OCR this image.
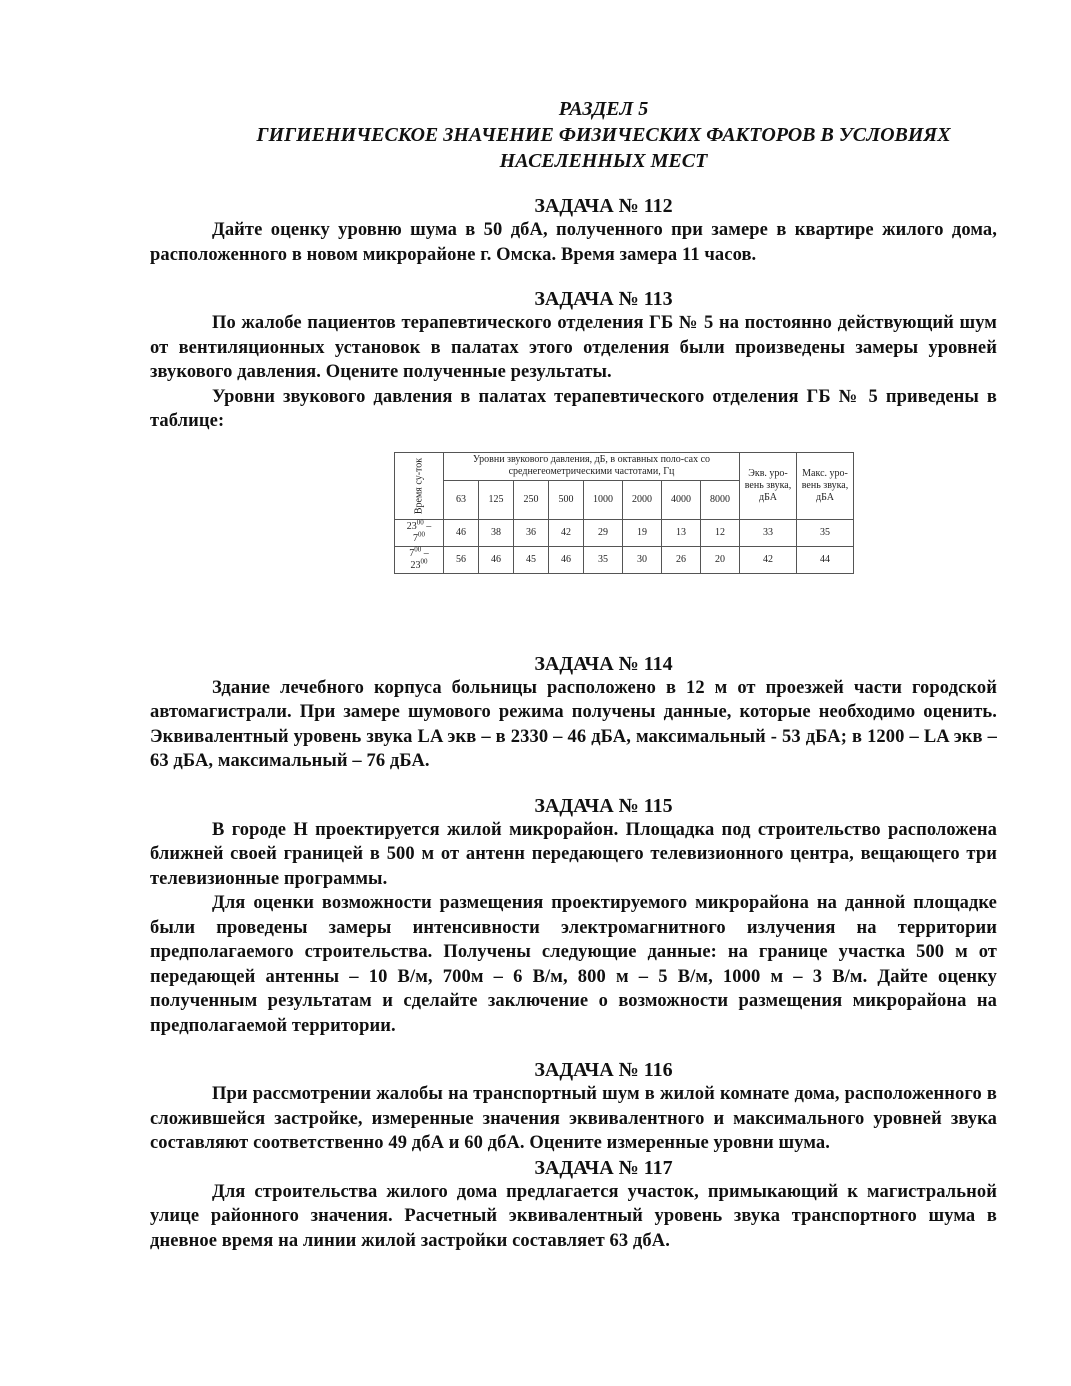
РАЗДЕЛ 5
ГИГИЕНИЧЕСКОЕ ЗНАЧЕНИЕ ФИЗИЧЕСКИХ ФАКТОРОВ В УСЛОВИЯХ
НАСЕЛЕННЫХ МЕСТ
ЗАДАЧА № 112

Дайте оценку уровню шума в 50 дбА, полученного при замере в квартире жилого дома, расположенного в новом микрорайоне г. Омска. Время замера 11 часов.

ЗАДАЧА № 113

По жалобе пациентов терапевтического отделения ГБ № 5 на постоянно действующий шум от вентиляционных установок в палатах этого отделения были произведены замеры уровней звукового давления. Оцените полученные результаты.

Уровни звукового давления в палатах терапевтического отделения ГБ № 5 приведены в таблице:

Время су-ток	Уровни звукового давления, дБ, в октавных поло-сах со среднегеометрическими частотами, Гц								Экв. уро-вень звука, дБА	Макс. уро-вень звука, дБА
	63	125	250	500	1000	2000	4000	8000		
$23^{00}$ –
$7^{00}$	46	38	36	42	29	19	13	12	33	35
$7^{00}$ –
$23^{00}$	56	46	45	46	35	30	26	20	42	44
ЗАДАЧА № 114

Здание лечебного корпуса больницы расположено в 12 м от проезжей части городской автомагистрали. При замере шумового режима получены данные, которые необходимо оценить. Эквивалентный уровень звука LA экв – в 2330 – 46 дБА, максимальный - 53 дБА; в 1200 – LA экв – 63 дБА, максимальный – 76 дБА.

ЗАДАЧА № 115

В городе Н проектируется жилой микрорайон. Площадка под строительство расположена ближней своей границей в 500 м от антенн передающего телевизионного центра, вещающего три телевизионные программы.

Для оценки возможности размещения проектируемого микрорайона на данной площадке были проведены замеры интенсивности электромагнитного излучения на территории предполагаемого строительства. Получены следующие данные: на границе участка 500 м от передающей антенны – 10 В/м, 700м – 6 В/м, 800 м – 5 В/м, 1000 м – 3 В/м. Дайте оценку полученным результатам и сделайте заключение о возможности размещения микрорайона на предполагаемой территории.

ЗАДАЧА № 116

При рассмотрении жалобы на транспортный шум в жилой комнате дома, расположенного в сложившейся застройке, измеренные значения эквивалентного и максимального уровней звука составляют соответственно 49 дбА и 60 дбА. Оцените измеренные уровни шума.

ЗАДАЧА № 117

Для строительства жилого дома предлагается участок, примыкающий к магистральной улице районного значения. Расчетный эквивалентный уровень звука транспортного шума в дневное время на линии жилой застройки составляет 63 дбА.
